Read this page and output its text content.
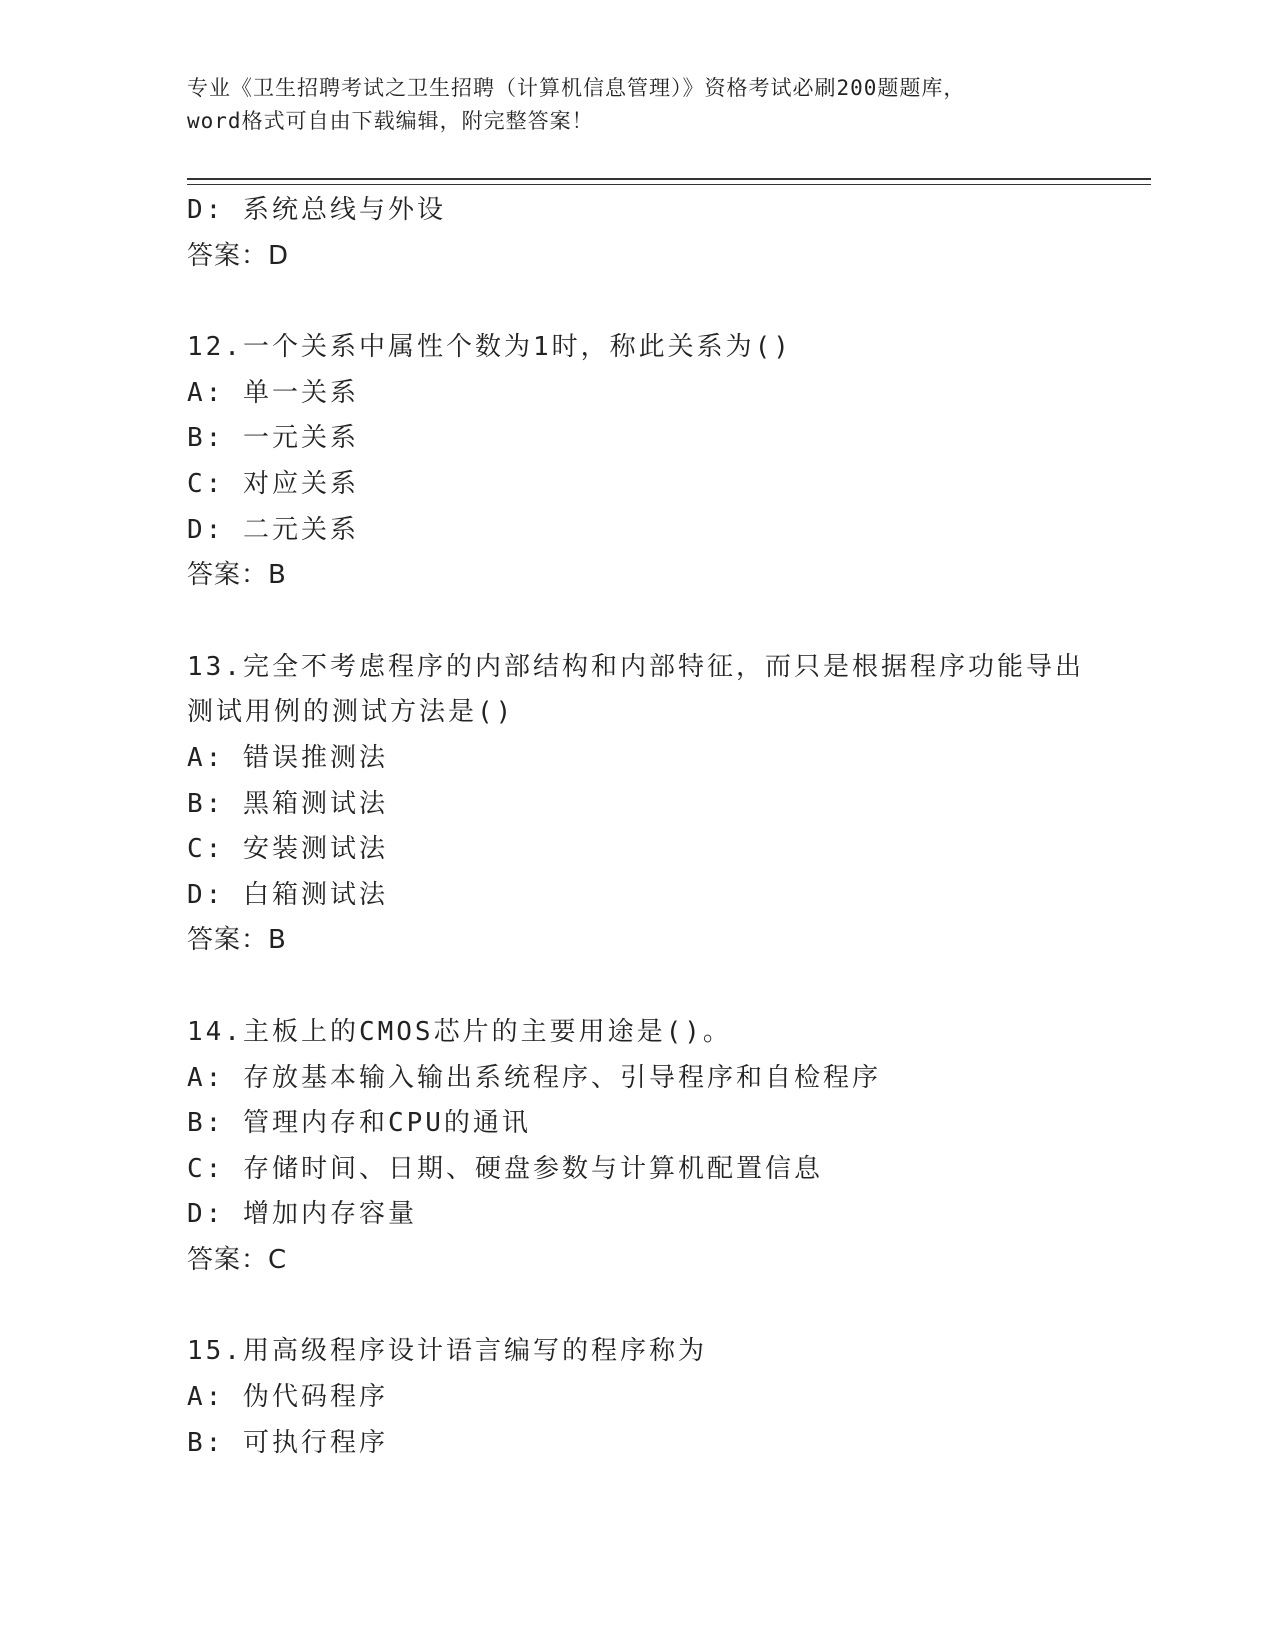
专业《卫生招聘考试之卫生招聘（计算机信息管理）》资格考试必刷200题题库，
word格式可自由下载编辑，附完整答案！
D: 系统总线与外设
答案：D
12.一个关系中属性个数为1时，称此关系为()
A: 单一关系
B: 一元关系
C: 对应关系
D: 二元关系
答案：B
13.完全不考虑程序的内部结构和内部特征，而只是根据程序功能导出
测试用例的测试方法是()
A: 错误推测法
B: 黑箱测试法
C: 安装测试法
D: 白箱测试法
答案：B
14.主板上的CMOS芯片的主要用途是()。
A: 存放基本输入输出系统程序、引导程序和自检程序
B: 管理内存和CPU的通讯
C: 存储时间、日期、硬盘参数与计算机配置信息
D: 增加内存容量
答案：C
15.用高级程序设计语言编写的程序称为
A: 伪代码程序
B: 可执行程序
